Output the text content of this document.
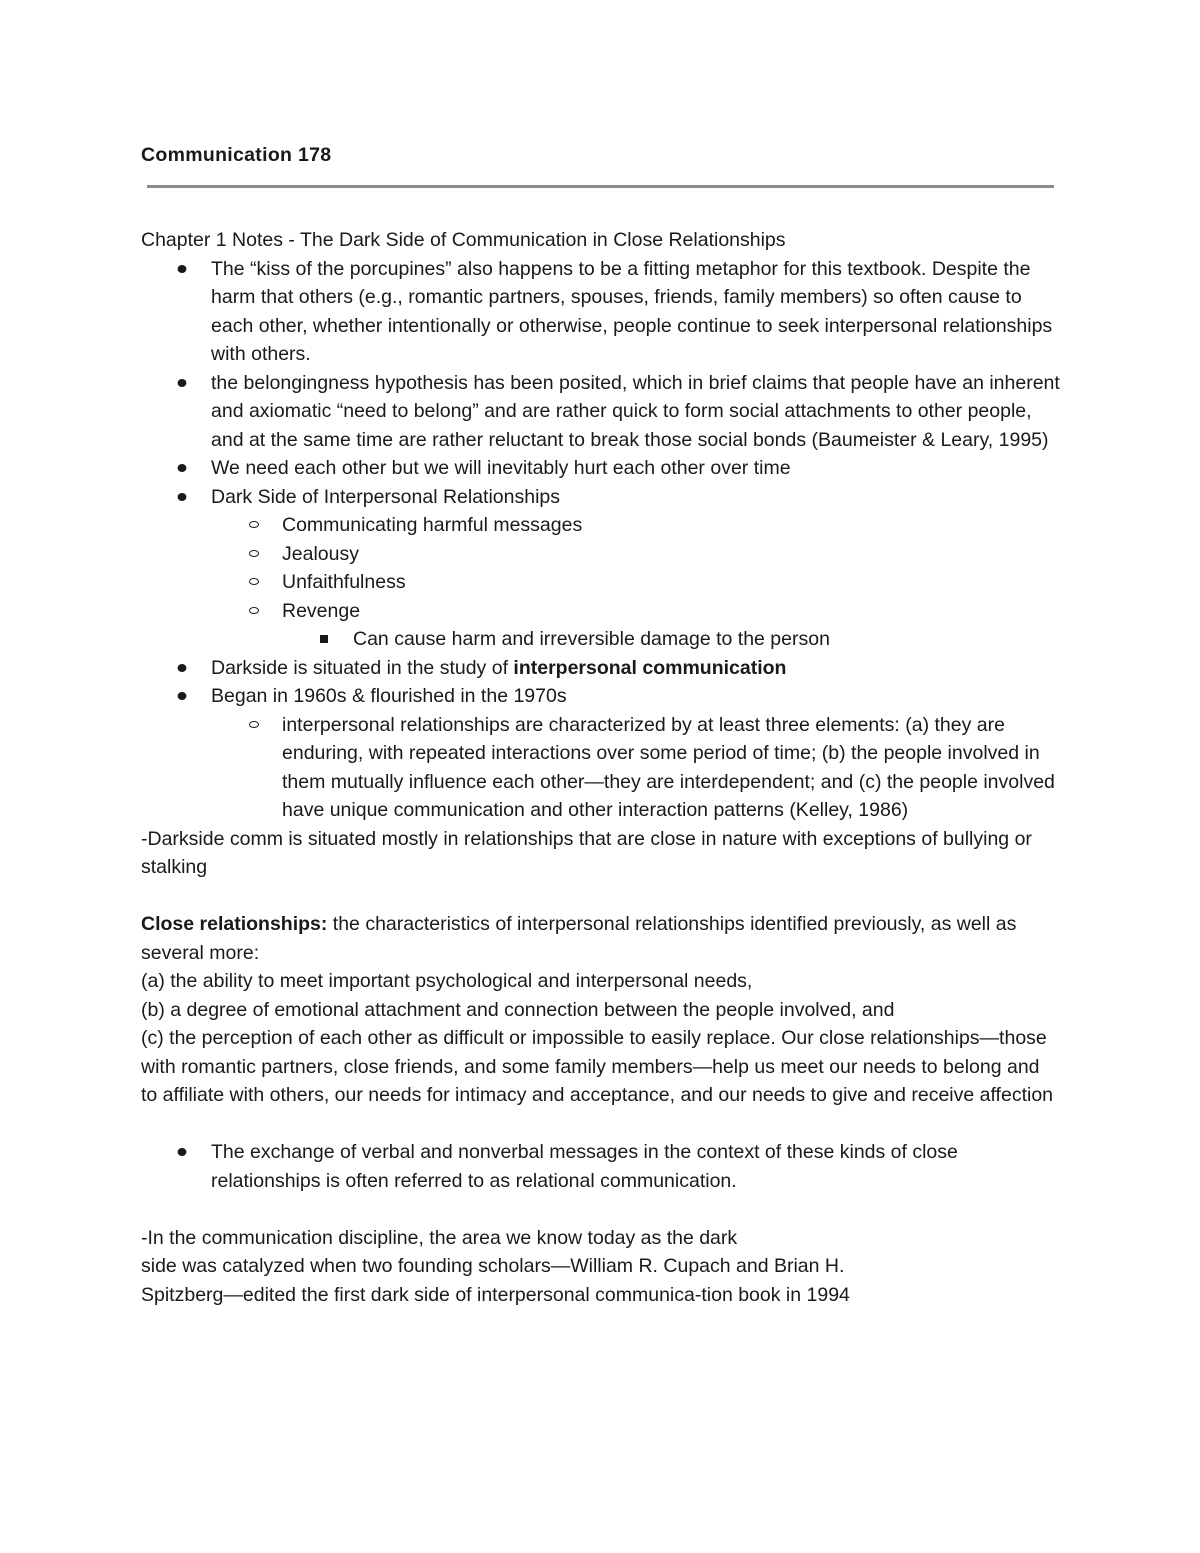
Communication 178

Chapter 1 Notes - The Dark Side of Communication in Close Relationships

The “kiss of the porcupines” also happens to be a fitting metaphor for this textbook. Despite the harm that others (e.g., romantic partners, spouses, friends, family members) so often cause to each other, whether intentionally or otherwise, people continue to seek interpersonal relationships with others.
the belongingness hypothesis has been posited, which in brief claims that people have an inherent and axiomatic “need to belong” and are rather quick to form social attachments to other people, and at the same time are rather reluctant to break those social bonds (Baumeister & Leary, 1995)
We need each other but we will inevitably hurt each other over time
Dark Side of Interpersonal Relationships
Communicating harmful messages
Jealousy
Unfaithfulness
Revenge
Can cause harm and irreversible damage to the person
Darkside is situated in the study of interpersonal communication
Began in 1960s & flourished in the 1970s
interpersonal relationships are characterized by at least three elements: (a) they are enduring, with repeated interactions over some period of time; (b) the people involved in them mutually influence each other—they are interdependent; and (c) the people involved have unique communication and other interaction patterns (Kelley, 1986)

-Darkside comm is situated mostly in relationships that are close in nature with exceptions of bullying or stalking

Close relationships: the characteristics of interpersonal relationships identified previously, as well as several more:

(a) the ability to meet important psychological and interpersonal needs,

(b) a degree of emotional attachment and connection between the people involved, and

(c) the perception of each other as difficult or impossible to easily replace. Our close relationships—those with romantic partners, close friends, and some family members—help us meet our needs to belong and to affiliate with others, our needs for intimacy and acceptance, and our needs to give and receive affection

The exchange of verbal and nonverbal messages in the context of these kinds of close relationships is often referred to as relational communication.

-In the communication discipline, the area we know today as the dark

side was catalyzed when two founding scholars—William R. Cupach and Brian H.

Spitzberg—edited the first dark side of interpersonal communica-tion book in 1994
